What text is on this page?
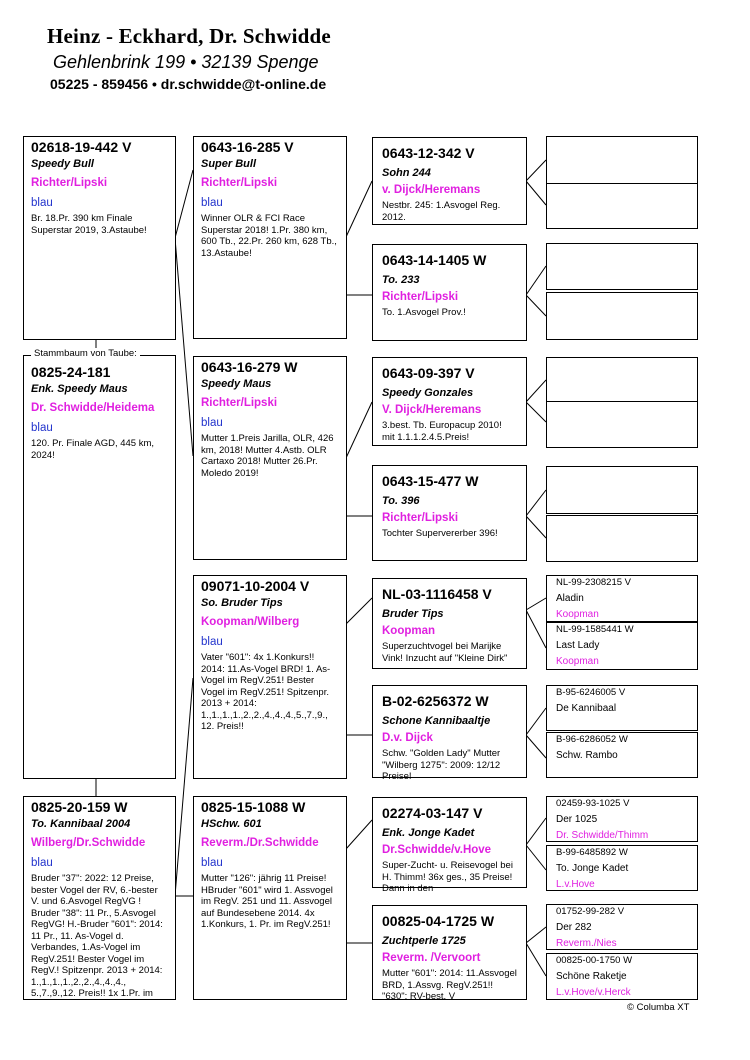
Heinz - Eckhard, Dr. Schwidde
Gehlenbrink 199 • 32139 Spenge
05225 - 859456 • dr.schwidde@t-online.de
02618-19-442 V
Speedy Bull
Richter/Lipski
blau
Br. 18.Pr. 390 km Finale Superstar 2019, 3.Astaube!
0825-24-181
Enk. Speedy Maus
Dr. Schwidde/Heidema
blau
120. Pr. Finale AGD, 445 km, 2024!
Stammbaum von Taube:
0825-20-159 W
To. Kannibaal 2004
Wilberg/Dr.Schwidde
blau
Bruder "37": 2022: 12 Preise, bester Vogel der RV, 6.-bester V. und 6.Asvogel RegVG ! Bruder "38": 11 Pr., 5.Asvogel RegVG! H.-Bruder "601": 2014: 11 Pr., 11. As-Vogel d. Verbandes, 1.As-Vogel im RegV.251! Bester Vogel im RegV.! Spitzenpr. 2013 + 2014: 1.,1.,1.,1.,2.,2.,4.,4.,4., 5.,7.,9.,12. Preis!! 1x 1.Pr. im
0643-16-285 V
Super Bull
Richter/Lipski
blau
Winner OLR & FCI Race Superstar 2018! 1.Pr. 380 km, 600 Tb., 22.Pr. 260 km, 628 Tb., 13.Astaube!
0643-16-279 W
Speedy Maus
Richter/Lipski
blau
Mutter 1.Preis Jarilla, OLR, 426 km, 2018! Mutter 4.Astb. OLR Cartaxo 2018! Mutter 26.Pr. Moledo 2019!
09071-10-2004 V
So. Bruder Tips
Koopman/Wilberg
blau
Vater "601": 4x 1.Konkurs!! 2014: 11.As-Vogel BRD! 1. As-Vogel im RegV.251! Bester Vogel im RegV.251! Spitzenpr. 2013 + 2014: 1.,1.,1.,1.,2.,2.,4.,4.,4.,5.,7.,9., 12. Preis!!
0825-15-1088 W
HSchw. 601
Reverm./Dr.Schwidde
blau
Mutter "126": jährig 11 Preise! HBruder "601" wird 1. Assvogel im RegV. 251 und 11. Assvogel auf Bundesebene 2014. 4x 1.Konkurs, 1. Pr. im RegV.251!
0643-12-342 V
Sohn 244
v. Dijck/Heremans
Nestbr. 245: 1.Asvogel Reg. 2012.
0643-14-1405 W
To. 233
Richter/Lipski
To. 1.Asvogel Prov.!
0643-09-397 V
Speedy Gonzales
V. Dijck/Heremans
3.best. Tb. Europacup 2010! mit 1.1.1.2.4.5.Preis!
0643-15-477 W
To. 396
Richter/Lipski
Tochter Supervererber 396!
NL-03-1116458 V
Bruder Tips
Koopman
Superzuchtvogel bei Marijke Vink! Inzucht auf "Kleine Dirk"
B-02-6256372 W
Schone Kannibaaltje
D.v. Dijck
Schw. "Golden Lady" Mutter "Wilberg 1275": 2009: 12/12 Preise!
02274-03-147 V
Enk. Jonge Kadet
Dr.Schwidde/v.Hove
Super-Zucht- u. Reisevogel bei H. Thimm! 36x ges., 35 Preise! Dann in den
00825-04-1725 W
Zuchtperle 1725
Reverm. /Vervoort
Mutter "601": 2014: 11.Assvogel BRD, 1.Assvg. RegV.251!! "630": RV-best. V
NL-99-2308215 V
Aladin
Koopman
NL-99-1585441 W
Last Lady
Koopman
B-95-6246005 V
De Kannibaal
B-96-6286052 W
Schw. Rambo
02459-93-1025 V
Der 1025
Dr. Schwidde/Thimm
B-99-6485892 W
To. Jonge Kadet
L.v.Hove
01752-99-282 V
Der 282
Reverm./Nies
00825-00-1750 W
Schöne Raketje
L.v.Hove/v.Herck
© Columba XT
